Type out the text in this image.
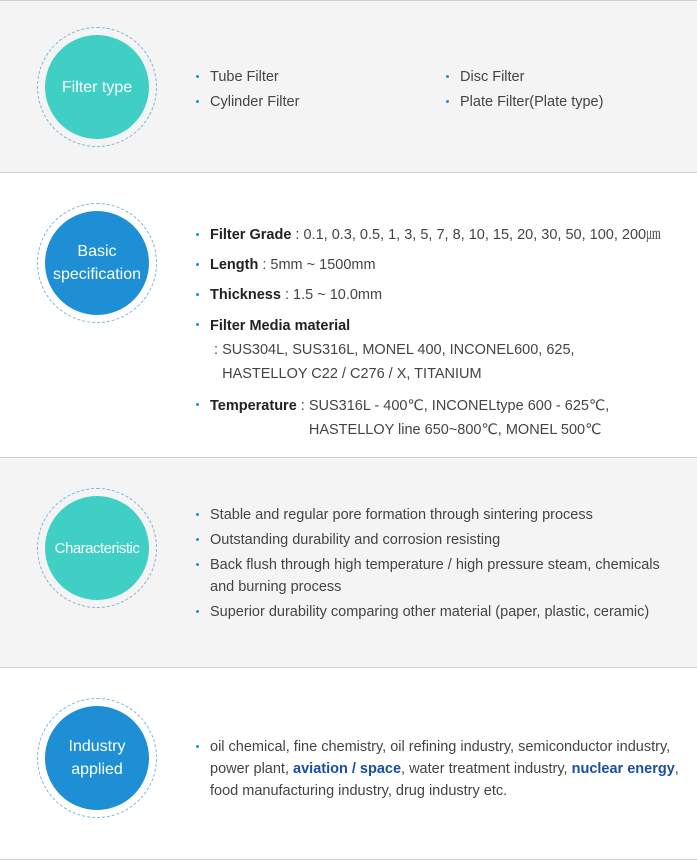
Filter type
Tube Filter
Cylinder Filter
Disc Filter
Plate Filter(Plate type)
Basic
specification
Filter Grade : 0.1, 0.3, 0.5, 1, 3, 5, 7, 8, 10, 15, 20, 30, 50, 100, 200㎛
Length : 5mm ~ 1500mm
Thickness : 1.5 ~ 10.0mm
Filter Media material : SUS304L, SUS316L, MONEL 400, INCONEL600, 625,
HASTELLOY C22 / C276 / X, TITANIUM
Temperature : SUS316L - 400℃, INCONELtype 600 - 625℃,
HASTELLOY line 650~800℃, MONEL 500℃
Characteristic
Stable and regular pore formation through sintering process
Outstanding durability and corrosion resisting
Back flush through high temperature / high pressure steam, chemicals
and burning process
Superior durability comparing other material (paper, plastic, ceramic)
Industry
applied
oil chemical, fine chemistry, oil refining industry, semiconductor industry,
power plant, aviation / space, water treatment industry, nuclear energy,
food manufacturing industry, drug industry etc.
